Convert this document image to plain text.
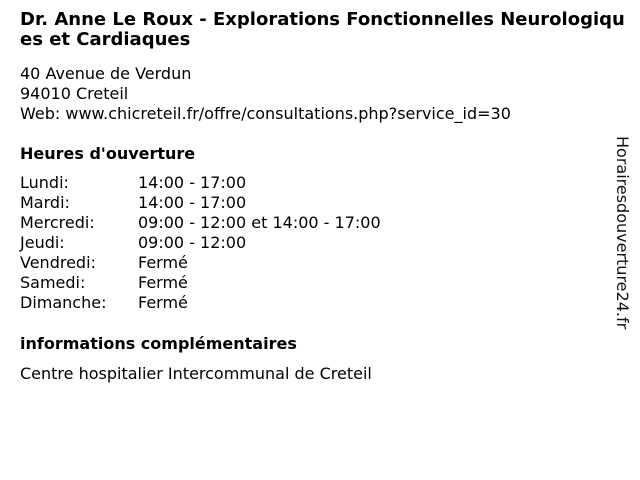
Dr. Anne Le Roux - Explorations Fonctionnelles Neurologiques et Cardiaques
40 Avenue de Verdun
94010 Creteil
Web: www.chicreteil.fr/offre/consultations.php?service_id=30
Heures d'ouverture
Lundi:	14:00 - 17:00
Mardi:	14:00 - 17:00
Mercredi:	09:00 - 12:00 et 14:00 - 17:00
Jeudi:	09:00 - 12:00
Vendredi:	Fermé
Samedi:	Fermé
Dimanche:	Fermé
informations complémentaires
Centre hospitalier Intercommunal de Creteil
Horairesdouverture24.fr
